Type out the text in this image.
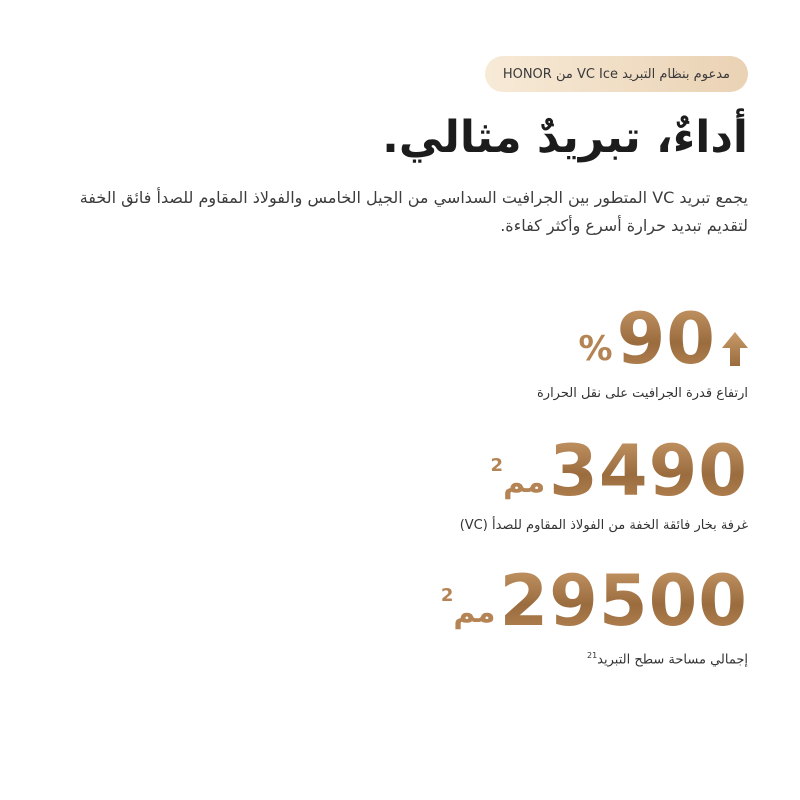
مدعوم بنظام التبريد VC Ice من HONOR
أداءٌ، تبريدٌ مثالي.

يجمع تبريد VC المتطور بين الجرافيت السداسي من الجيل الخامس والفولاذ المقاوم للصدأ فائق الخفة لتقديم تبديد حرارة أسرع وأكثر كفاءة.

90
%
ارتفاع قدرة الجرافيت على نقل الحرارة
3490
مم$^2$
غرفة بخار فائقة الخفة من الفولاذ المقاوم للصدأ (VC)
29500
مم$^2$
إجمالي مساحة سطح التبريد$^{21}$
